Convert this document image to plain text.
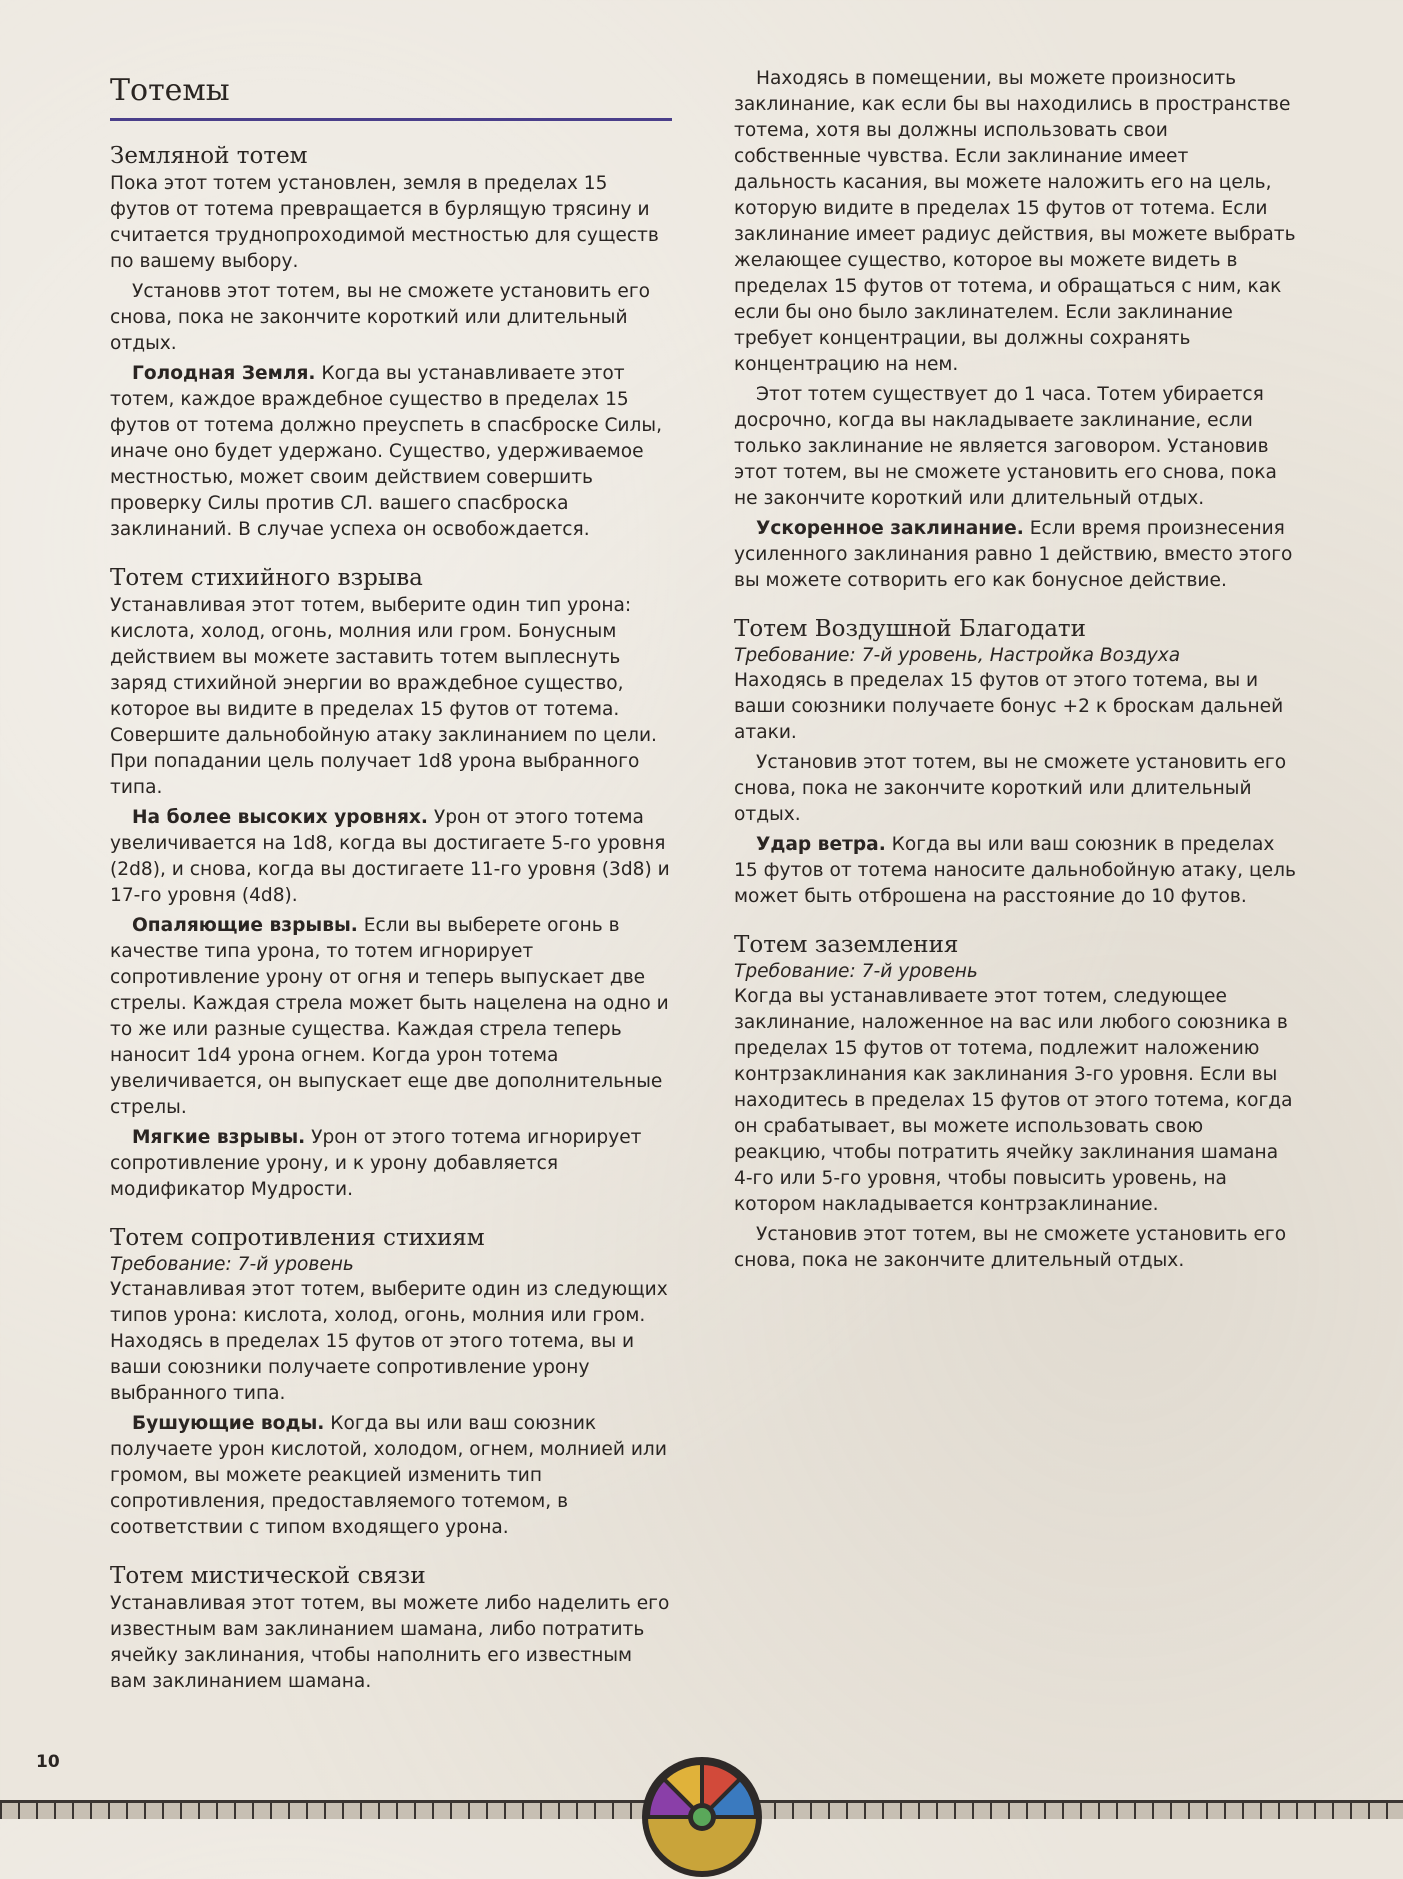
Тотемы
Земляной тотем

Пока этот тотем установлен, земля в пределах 15 футов от тотема превращается в бурлящую трясину и считается труднопроходимой местностью для существ по вашему выбору.

Установв этот тотем, вы не сможете установить его снова, пока не закончите короткий или длительный отдых.

Голодная Земля. Когда вы устанавливаете этот тотем, каждое враждебное существо в пределах 15 футов от тотема должно преуспеть в спасброске Силы, иначе оно будет удержано. Существо, удерживаемое местностью, может своим действием совершить проверку Силы против СЛ. вашего спасброска заклинаний. В случае успеха он освобождается.

Тотем стихийного взрыва

Устанавливая этот тотем, выберите один тип урона: кислота, холод, огонь, молния или гром. Бонусным действием вы можете заставить тотем выплеснуть заряд стихийной энергии во враждебное существо, которое вы видите в пределах 15 футов от тотема. Совершите дальнобойную атаку заклинанием по цели. При попадании цель получает 1d8 урона выбранного типа.

На более высоких уровнях. Урон от этого тотема увеличивается на 1d8, когда вы достигаете 5-го уровня (2d8), и снова, когда вы достигаете 11-го уровня (3d8) и 17-го уровня (4d8).

Опаляющие взрывы. Если вы выберете огонь в качестве типа урона, то тотем игнорирует сопротивление урону от огня и теперь выпускает две стрелы. Каждая стрела может быть нацелена на одно и то же или разные существа. Каждая стрела теперь наносит 1d4 урона огнем. Когда урон тотема увеличивается, он выпускает еще две дополнительные стрелы.

Мягкие взрывы. Урон от этого тотема игнорирует сопротивление урону, и к урону добавляется модификатор Мудрости.

Тотем сопротивления стихиям

Требование: 7-й уровень

Устанавливая этот тотем, выберите один из следующих типов урона: кислота, холод, огонь, молния или гром. Находясь в пределах 15 футов от этого тотема, вы и ваши союзники получаете сопротивление урону выбранного типа.

Бушующие воды. Когда вы или ваш союзник получаете урон кислотой, холодом, огнем, молнией или громом, вы можете реакцией изменить тип сопротивления, предоставляемого тотемом, в соответствии с типом входящего урона.

Тотем мистической связи

Устанавливая этот тотем, вы можете либо наделить его известным вам заклинанием шамана, либо потратить ячейку заклинания, чтобы наполнить его известным вам заклинанием шамана.

Находясь в помещении, вы можете произносить заклинание, как если бы вы находились в пространстве тотема, хотя вы должны использовать свои собственные чувства. Если заклинание имеет дальность касания, вы можете наложить его на цель, которую видите в пределах 15 футов от тотема. Если заклинание имеет радиус действия, вы можете выбрать желающее существо, которое вы можете видеть в пределах 15 футов от тотема, и обращаться с ним, как если бы оно было заклинателем. Если заклинание требует концентрации, вы должны сохранять концентрацию на нем.

Этот тотем существует до 1 часа. Тотем убирается досрочно, когда вы накладываете заклинание, если только заклинание не является заговором. Установив этот тотем, вы не сможете установить его снова, пока не закончите короткий или длительный отдых.

Ускоренное заклинание. Если время произнесения усиленного заклинания равно 1 действию, вместо этого вы можете сотворить его как бонусное действие.

Тотем Воздушной Благодати

Требование: 7-й уровень, Настройка Воздуха

Находясь в пределах 15 футов от этого тотема, вы и ваши союзники получаете бонус +2 к броскам дальней атаки.

Установив этот тотем, вы не сможете установить его снова, пока не закончите короткий или длительный отдых.

Удар ветра. Когда вы или ваш союзник в пределах 15 футов от тотема наносите дальнобойную атаку, цель может быть отброшена на расстояние до 10 футов.

Тотем заземления

Требование: 7-й уровень

Когда вы устанавливаете этот тотем, следующее заклинание, наложенное на вас или любого союзника в пределах 15 футов от тотема, подлежит наложению контрзаклинания как заклинания 3-го уровня. Если вы находитесь в пределах 15 футов от этого тотема, когда он срабатывает, вы можете использовать свою реакцию, чтобы потратить ячейку заклинания шамана 4-го или 5-го уровня, чтобы повысить уровень, на котором накладывается контрзаклинание.

Установив этот тотем, вы не сможете установить его снова, пока не закончите длительный отдых.

10
